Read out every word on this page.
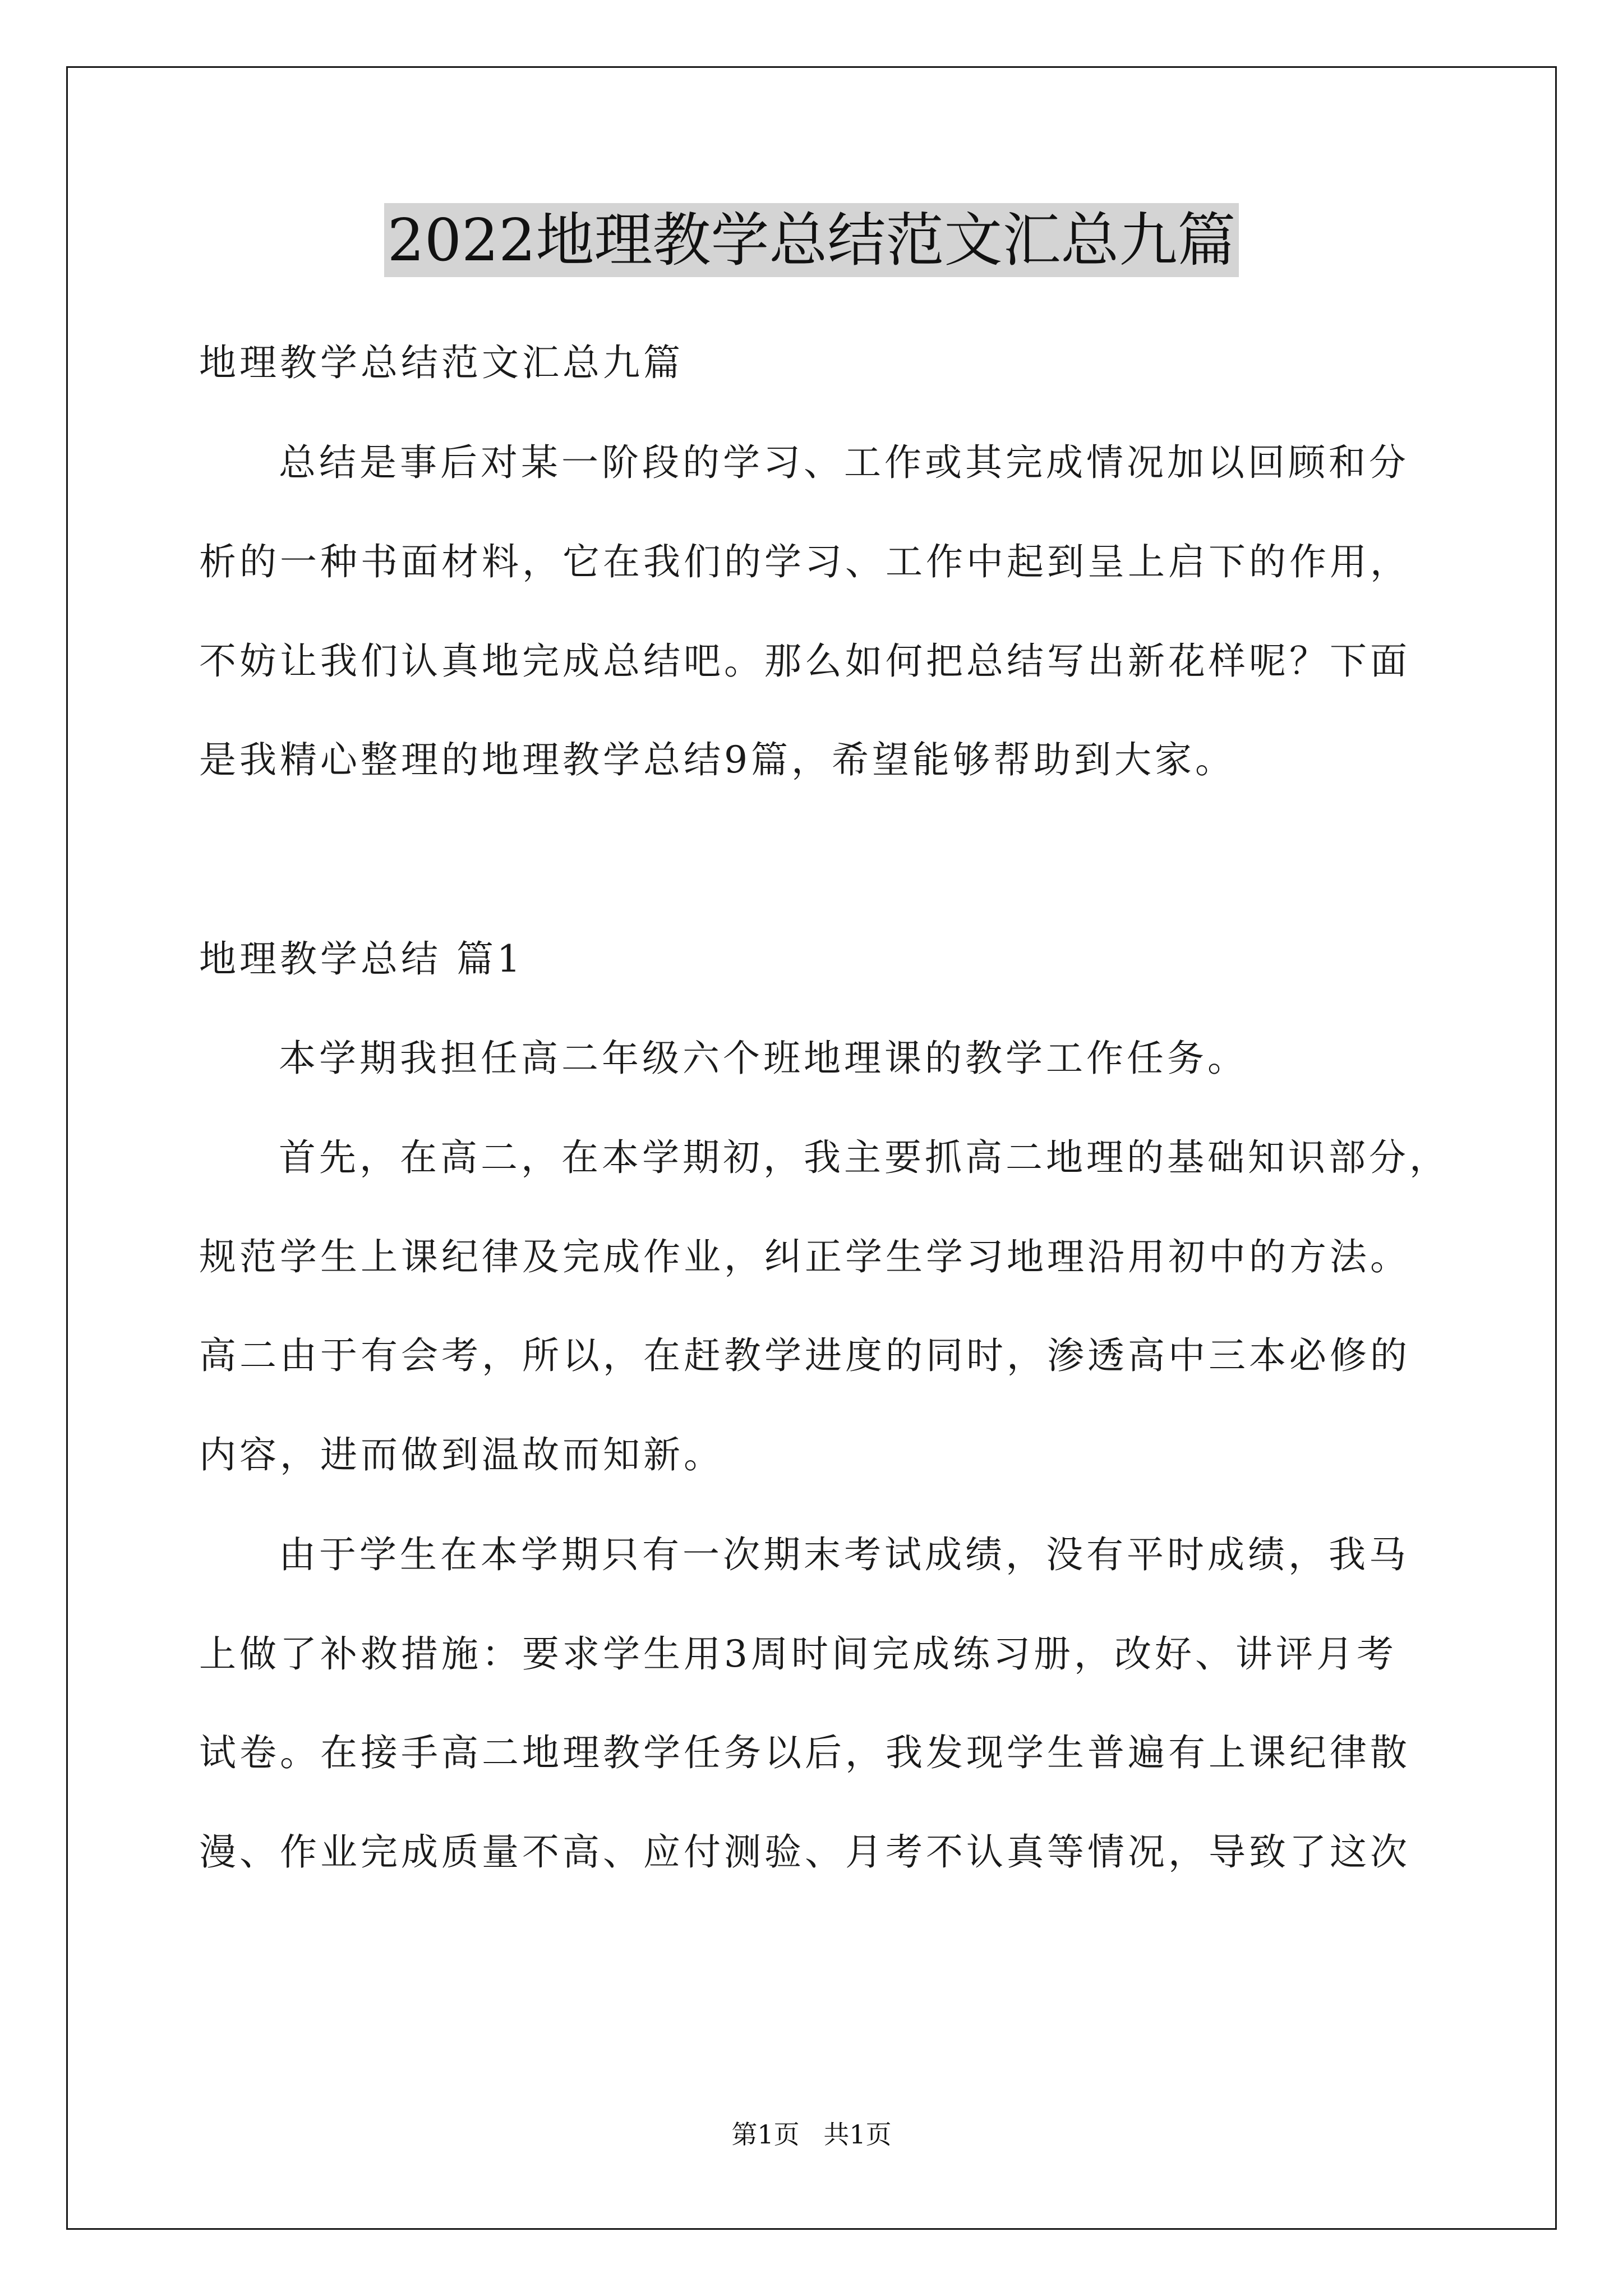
2022地理教学总结范文汇总九篇
地理教学总结范文汇总九篇
总结是事后对某一阶段的学习、工作或其完成情况加以回顾和分
析的一种书面材料，它在我们的学习、工作中起到呈上启下的作用，
不妨让我们认真地完成总结吧。那么如何把总结写出新花样呢？下面
是我精心整理的地理教学总结9篇，希望能够帮助到大家。
地理教学总结 篇1
本学期我担任高二年级六个班地理课的教学工作任务。
首先，在高二，在本学期初，我主要抓高二地理的基础知识部分，
规范学生上课纪律及完成作业，纠正学生学习地理沿用初中的方法。
高二由于有会考，所以，在赶教学进度的同时，渗透高中三本必修的
内容，进而做到温故而知新。
由于学生在本学期只有一次期末考试成绩，没有平时成绩，我马
上做了补救措施：要求学生用3周时间完成练习册，改好、讲评月考
试卷。在接手高二地理教学任务以后，我发现学生普遍有上课纪律散
漫、作业完成质量不高、应付测验、月考不认真等情况，导致了这次
第1页 共1页
